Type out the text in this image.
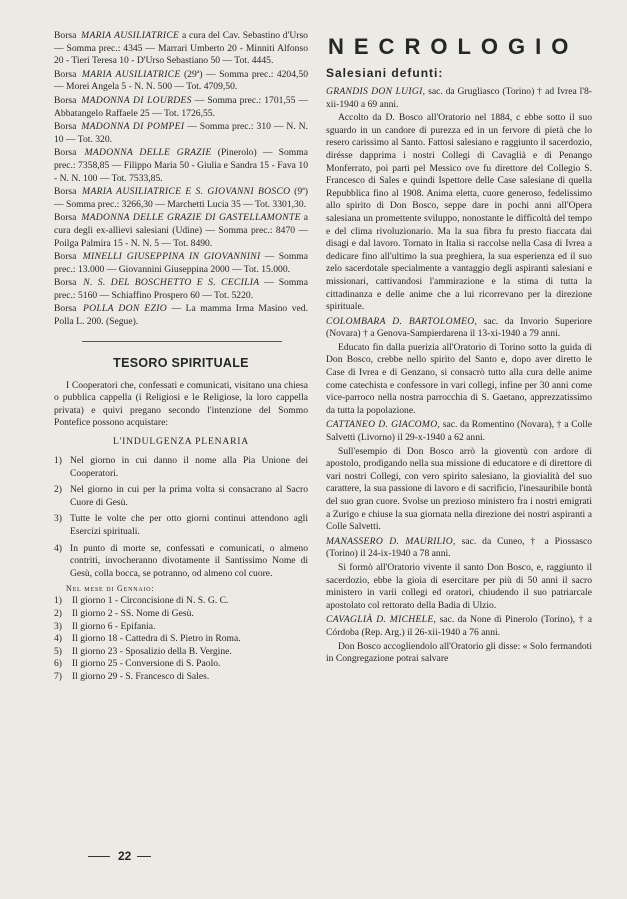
Borsa MARIA AUSILIATRICE a cura del Cav. Sebastino d'Urso — Somma prec.: 4345 — Marrari Umberto 20 - Minniti Alfonso 20 - Tieri Teresa 10 - D'Urso Sebastiano 50 — Tot. 4445.

Borsa MARIA AUSILIATRICE (29ª) — Somma prec.: 4204,50 — Morei Angela 5 - N. N. 500 — Tot. 4709,50.

Borsa MADONNA DI LOURDES — Somma prec.: 1701,55 — Abbatangelo Raffaele 25 — Tot. 1726,55.

Borsa MADONNA DI POMPEI — Somma prec.: 310 — N. N. 10 — Tot. 320.

Borsa MADONNA DELLE GRAZIE (Pinerolo) — Somma prec.: 7358,85 — Filippo Maria 50 - Giulia e Sandra 15 - Fava 10 - N. N. 100 — Tot. 7533,85.

Borsa MARIA AUSILIATRICE E S. GIOVANNI BOSCO (9ª) — Somma prec.: 3266,30 — Marchetti Lucia 35 — Tot. 3301,30.

Borsa MADONNA DELLE GRAZIE DI GASTELLAMONTE a cura degli ex-allievi salesiani (Udine) — Somma prec.: 8470 — Poilga Palmira 15 - N. N. 5 — Tot. 8490.

Borsa MINELLI GIUSEPPINA IN GIOVANNINI — Somma prec.: 13.000 — Giovannini Giuseppina 2000 — Tot. 15.000.

Borsa N. S. DEL BOSCHETTO E S. CECILIA — Somma prec.: 5160 — Schiaffino Prospero 60 — Tot. 5220.

Borsa POLLA DON EZIO — La mamma Irma Masino ved. Polla L. 200. (Segue).

TESORO SPIRITUALE

I Cooperatori che, confessati e comunicati, visitano una chiesa o pubblica cappella (i Religiosi e le Religiose, la loro cappella privata) e quivi pregano secondo l'intenzione del Sommo Pontefice possono acquistare:

L'INDULGENZA PLENARIA
1) Nel giorno in cui danno il nome alla Pia Unione dei Cooperatori.
2) Nel giorno in cui per la prima volta si consacrano al Sacro Cuore di Gesù.
3) Tutte le volte che per otto giorni continui attendono agli Esercizi spirituali.
4) In punto di morte se, confessati e comunicati, o almeno contriti, invocheranno divotamente il Santissimo Nome di Gesù, colla bocca, se potranno, od almeno col cuore.
Nel mese di Gennaio:
1)	Il giorno 1 - Circoncisione di N. S. G. C.
2)	Il giorno 2 - SS. Nome di Gesù.
3)	Il giorno 6 - Epifania.
4)	Il giorno 18 - Cattedra di S. Pietro in Roma.
5)	Il giorno 23 - Sposalizio della B. Vergine.
6)	Il giorno 25 - Conversione di S. Paolo.
7)	Il giorno 29 - S. Francesco di Sales.
NECROLOGIO
Salesiani defunti:

GRANDIS DON LUIGI, sac. da Grugliasco (Torino) † ad Ivrea l'8-xii-1940 a 69 anni.

Accolto da D. Bosco all'Oratorio nel 1884, c ebbe sotto il suo sguardo in un candore di purezza ed in un fervore di pietà che lo resero carissimo al Santo. Fattosi salesiano e raggiunto il sacerdozio, dirésse dapprima i nostri Collegi di Cavaglià e di Penango Monferrato, poi partì pel Messico ove fu direttore del Collegio S. Francesco di Sales e quindi Ispettore delle Case salesiane di quella Repubblica fino al 1908. Anima eletta, cuore generoso, fedelissimo allo spirito di Don Bosco, seppe dare in pochi anni all'Opera salesiana un promettente sviluppo, nonostante le difficoltà del tempo e del clima rivoluzionario. Ma la sua fibra fu presto fiaccata dai disagi e dal lavoro. Tornato in Italia si raccolse nella Casa di Ivrea a dedicare fino all'ultimo la sua preghiera, la sua esperienza ed il suo zelo sacerdotale specialmente a vantaggio degli aspiranti salesiani e missionari, cattivandosi l'ammirazione e la stima di tutta la cittadinanza e delle anime che a lui ricorrevano per la direzione spirituale.

COLOMBARA D. BARTOLOMEO, sac. da Invorio Superiore (Novara) † a Genova-Sampierdarena il 13-xi-1940 a 79 anni.

Educato fin dalla puerizia all'Oratorio di Torino sotto la guida di Don Bosco, crebbe nello spirito del Santo e, dopo aver diretto le Case di Ivrea e di Genzano, si consacrò tutto alla cura delle anime come catechista e confessore in vari collegi, infine per 30 anni come vice-parroco nella nostra parrocchia di S. Gaetano, apprezzatissimo da tutta la popolazione.

CATTANEO D. GIACOMO, sac. da Romentino (Novara), † a Colle Salvetti (Livorno) il 29-x-1940 a 62 anni.

Sull'esempio di Don Bosco arrò la gioventù con ardore di apostolo, prodigando nella sua missione di educatore e di direttore di vari nostri Collegi, con vero spirito salesiano, la giovialità del suo carattere, la sua passione di lavoro e di sacrificio, l'inesauribile bontà del suo gran cuore. Svolse un prezioso ministero fra i nostri emigrati a Zurigo e chiuse la sua giornata nella direzione dei nostri aspiranti a Colle Salvetti.

MANASSERO D. MAURILIO, sac. da Cuneo, † a Piossasco (Torino) il 24-ix-1940 a 78 anni.

Si formò all'Oratorio vivente il santo Don Bosco, e, raggiunto il sacerdozio, ebbe la gioia di esercitare per più di 50 anni il sacro ministero in varii collegi ed oratori, chiudendo il suo patriarcale apostolato col rettorato della Badia di Ulzio.

CAVAGLIÀ D. MICHELE, sac. da None di Pinerolo (Torino), † a Córdoba (Rep. Arg.) il 26-xii-1940 a 76 anni.

Don Bosco accogliendolo all'Oratorio gli disse: « Solo fermandoti in Congregazione potrai salvare

22
